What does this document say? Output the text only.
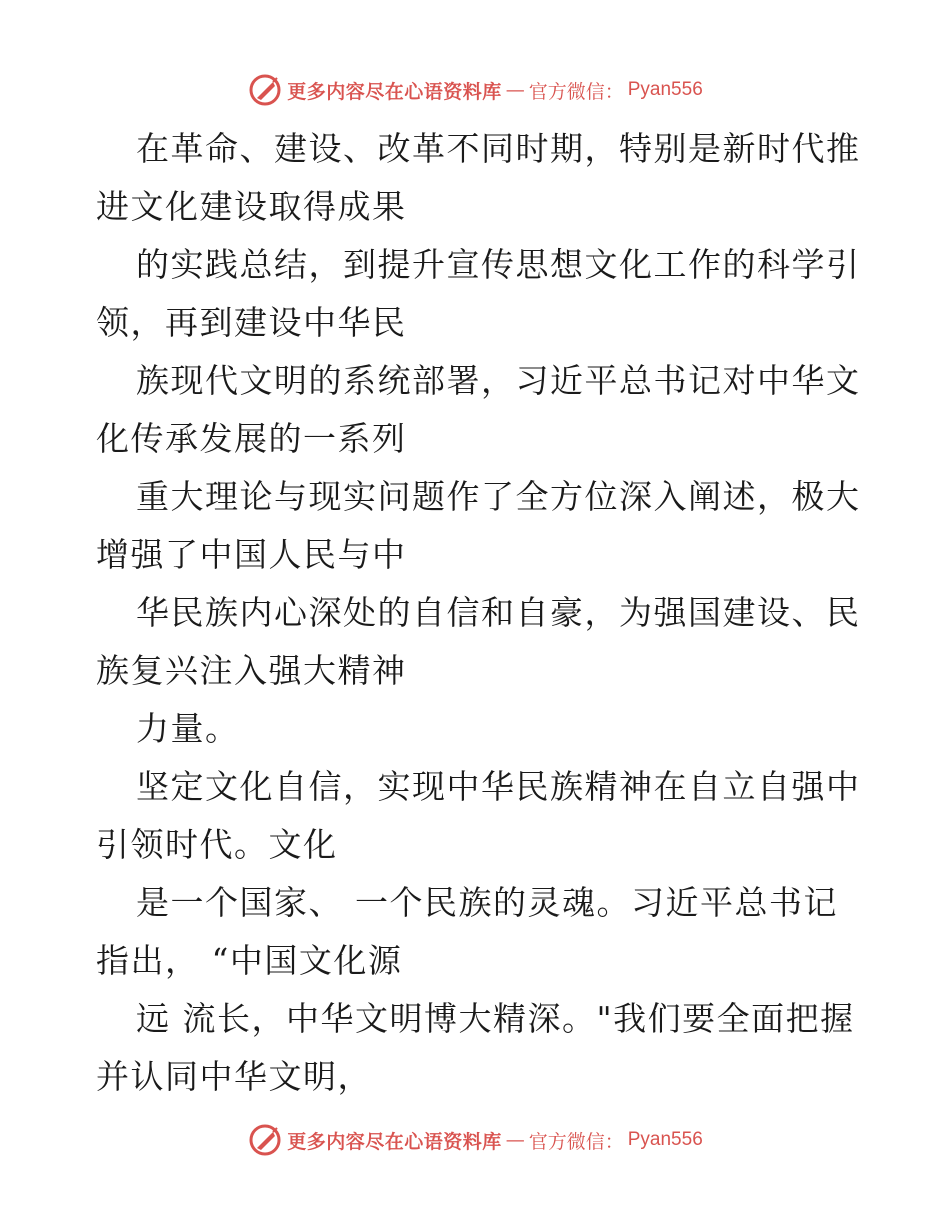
更多内容尽在心语资料库 — 官方微信： Pyan556
在革命、建设、改革不同时期，特别是新时代推
进文化建设取得成果
的实践总结，到提升宣传思想文化工作的科学引
领，再到建设中华民
族现代文明的系统部署，习近平总书记对中华文
化传承发展的一系列
重大理论与现实问题作了全方位深入阐述，极大
增强了中国人民与中
华民族内心深处的自信和自豪，为强国建设、民
族复兴注入强大精神
力量。
坚定文化自信，实现中华民族精神在自立自强中
引领时代。文化
是一个国家、 一个民族的灵魂。习近平总书记
指出， “中国文化源
远 流长，中华文明博大精深。"我们要全面把握
并认同中华文明，
更多内容尽在心语资料库 — 官方微信： Pyan556
